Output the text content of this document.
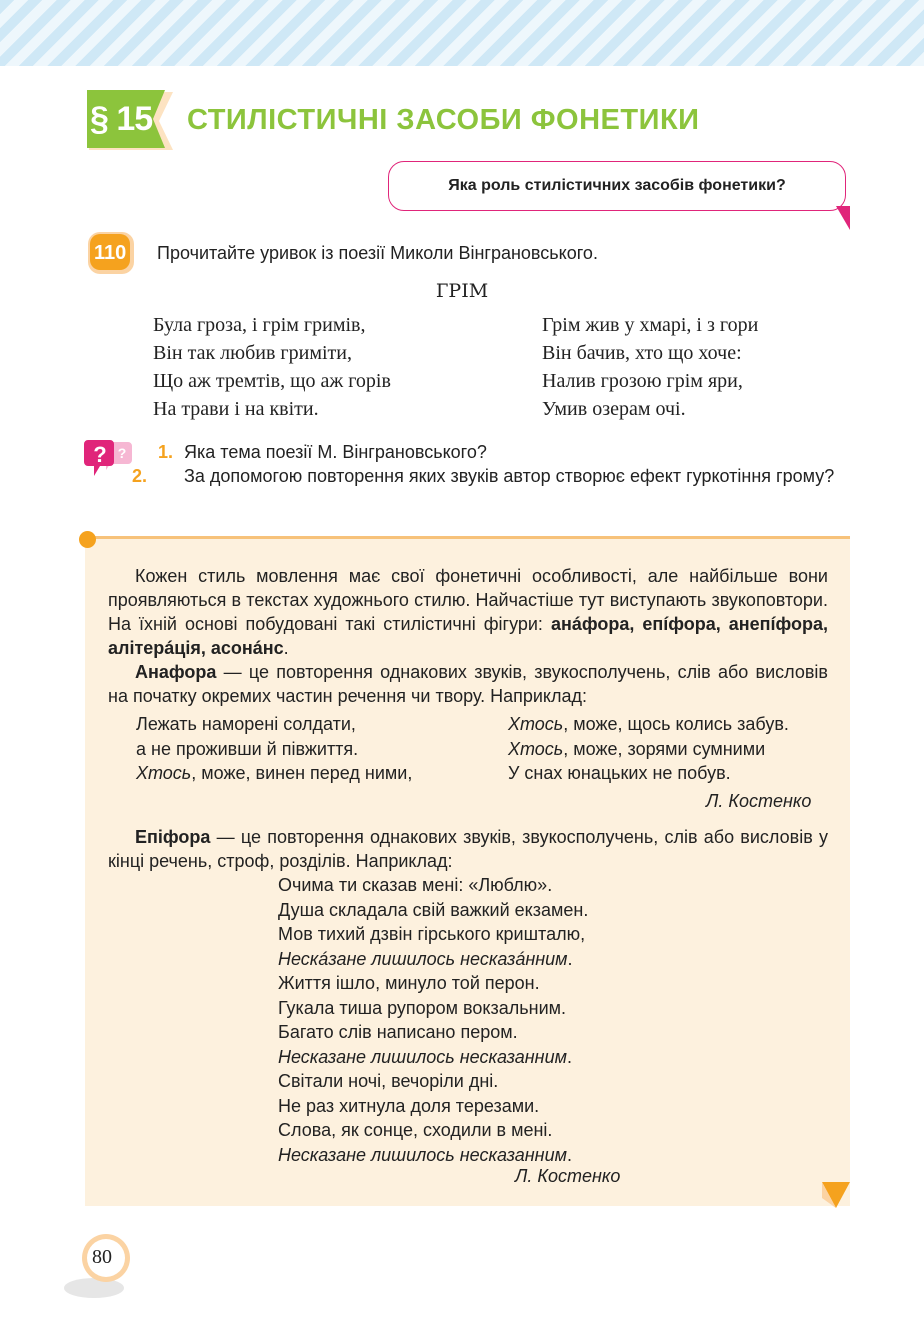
§ 15 СТИЛІСТИЧНІ ЗАСОБИ ФОНЕТИКИ
Яка роль стилістичних засобів фонетики?
110 Прочитайте уривок із поезії Миколи Вінграновського.
ГРІМ
Була гроза, і грім гримів,
Він так любив гриміти,
Що аж тремтів, що аж горів
На трави і на квіти.
Грім жив у хмарі, і з гори
Він бачив, хто що хоче:
Налив грозою грім яри,
Умив озерам очі.
? ? 1. Яка тема поезії М. Вінграновського?
2. За допомогою повторення яких звуків автор створює ефект гуркотіння грому?
Кожен стиль мовлення має свої фонетичні особливості, але найбільше вони проявляються в текстах художнього стилю. Найчастіше тут виступають звукоповтори. На їхній основі побудовані такі стилістичні фігури: анáфора, епíфора, анепíфора, алітерáція, асонáнс.
Анафора — це повторення однакових звуків, звукосполучень, слів або висловів на початку окремих частин речення чи твору. Наприклад:
Лежать наморені солдати,
а не проживши й півжиття.
Хтось, може, винен перед ними,
Хтось, може, щось колись забув.
Хтось, може, зорями сумними
У снах юнацьких не побув.
Л. Костенко
Епіфора — це повторення однакових звуків, звукосполучень, слів або висловів у кінці речень, строф, розділів. Наприклад:
Очима ти сказав мені: «Люблю».
Душа складала свій важкий екзамен.
Мов тихий дзвін гірського кришталю,
Нескáзане лишилось несказáнним.
Життя ішло, минуло той перон.
Гукала тиша рупором вокзальним.
Багато слів написано пером.
Несказане лишилось несказанним.
Світали ночі, вечоріли дні.
Не раз хитнула доля терезами.
Слова, як сонце, сходили в мені.
Несказане лишилось несказанним.
Л. Костенко
80
